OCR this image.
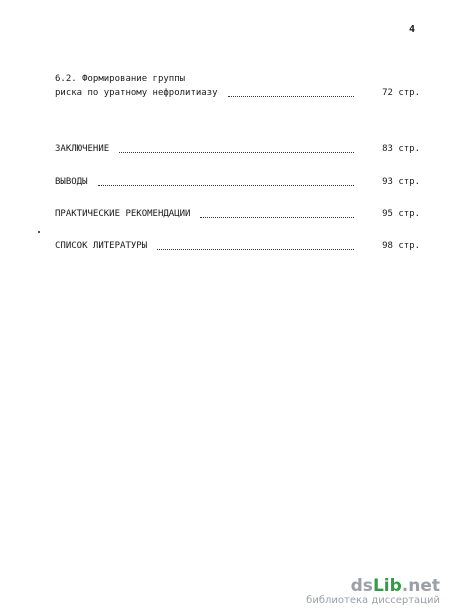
4
6.2. Формирование группы
риска по уратному нефролитиазу	72 стр.
ЗАКЛЮЧЕНИЕ	83 стр.
ВЫВОДЫ	93 стр.
ПРАКТИЧЕСКИЕ РЕКОМЕНДАЦИИ	95 стр.
СПИСОК ЛИТЕРАТУРЫ	98 стр.
dsLib.net
библиотека диссертаций
